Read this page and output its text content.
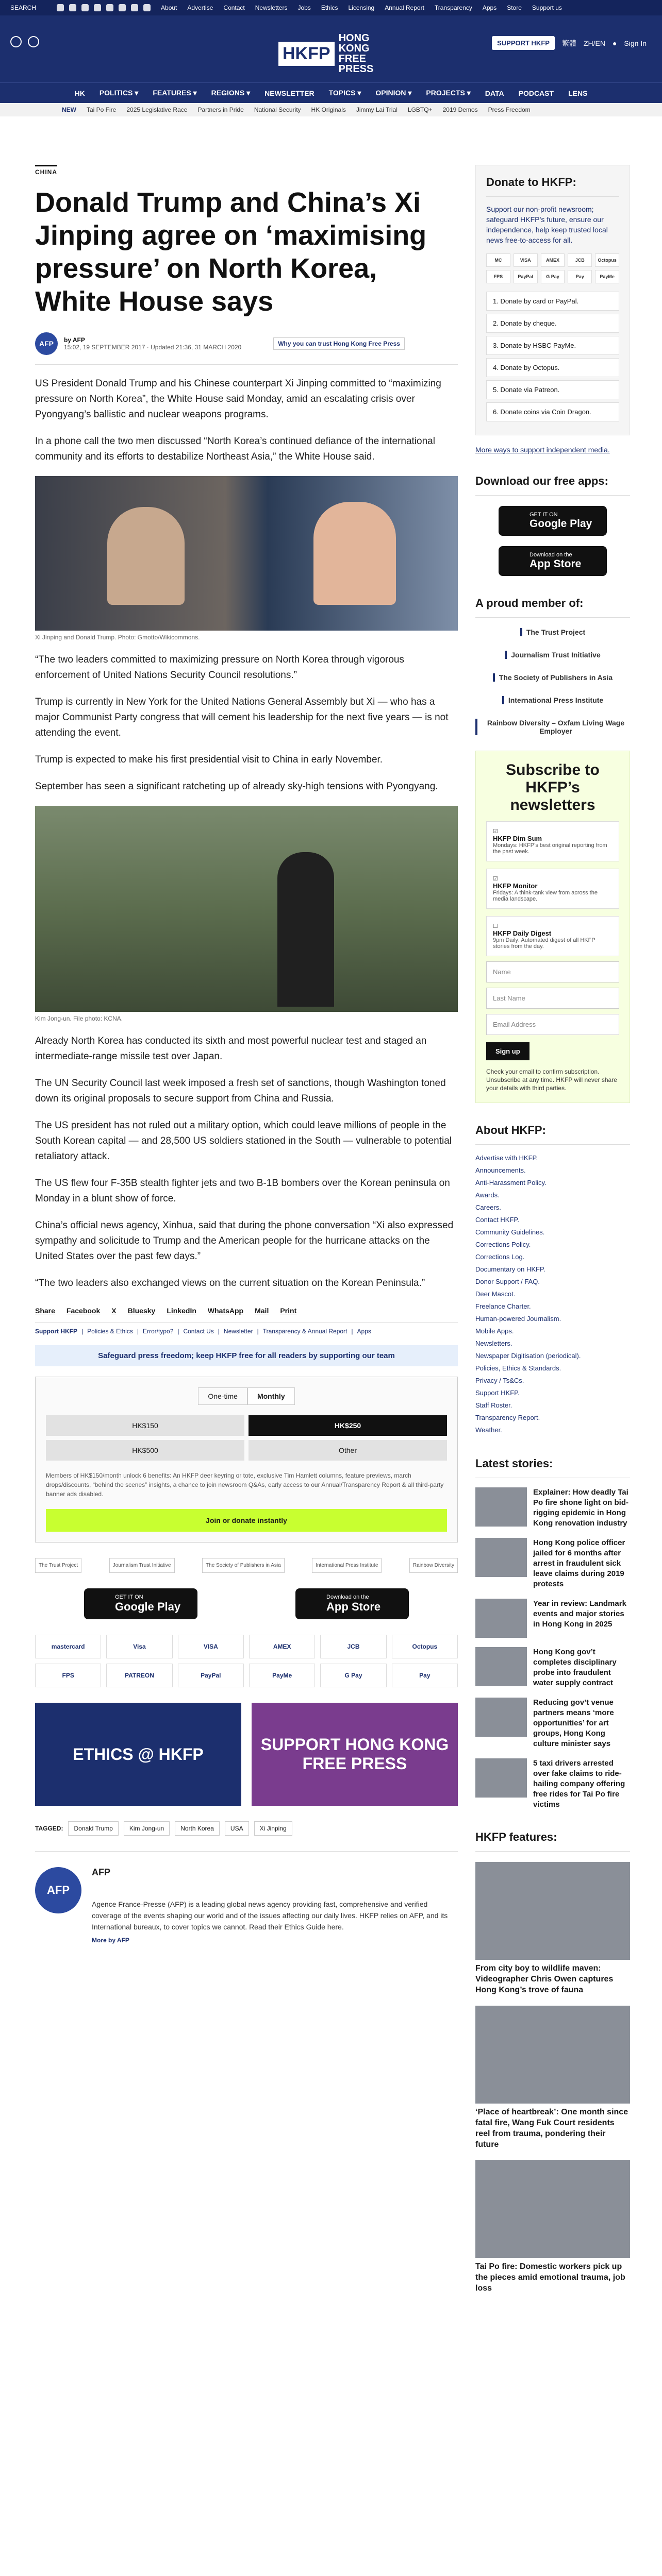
SEARCH	About Advertise Contact Newsletters Jobs Ethics Licensing Annual Report Transparency Apps Store Support us
HKFP
HONG KONG FREE PRESS
SUPPORT HKFP	繁體 ZH/EN ● Sign In
HK POLITICS ▾ FEATURES ▾ REGIONS ▾ NEWSLETTER TOPICS ▾ OPINION ▾ PROJECTS ▾ DATA PODCAST LENS
NEW Tai Po Fire 2025 Legislative Race Partners in Pride National Security HK Originals Jimmy Lai Trial LGBTQ+ 2019 Demos Press Freedom
CHINA
Donald Trump and China’s Xi Jinping agree on ‘maximising pressure’ on North Korea, White House says
AFP	by AFP
15:02, 19 SEPTEMBER 2017 · Updated 21:36, 31 MARCH 2020	Why you can trust Hong Kong Free Press

US President Donald Trump and his Chinese counterpart Xi Jinping committed to “maximizing pressure on North Korea”, the White House said Monday, amid an escalating crisis over Pyongyang’s ballistic and nuclear weapons programs.

In a phone call the two men discussed “North Korea’s continued defiance of the international community and its efforts to destabilize Northeast Asia,” the White House said.

Xi Jinping and Donald Trump. Photo: Gmotto/Wikicommons.

“The two leaders committed to maximizing pressure on North Korea through vigorous enforcement of United Nations Security Council resolutions.”

Trump is currently in New York for the United Nations General Assembly but Xi — who has a major Communist Party congress that will cement his leadership for the next five years — is not attending the event.

Trump is expected to make his first presidential visit to China in early November.

September has seen a significant ratcheting up of already sky-high tensions with Pyongyang.

Kim Jong-un. File photo: KCNA.

Already North Korea has conducted its sixth and most powerful nuclear test and staged an intermediate-range missile test over Japan.

The UN Security Council last week imposed a fresh set of sanctions, though Washington toned down its original proposals to secure support from China and Russia.

The US president has not ruled out a military option, which could leave millions of people in the South Korean capital — and 28,500 US soldiers stationed in the South — vulnerable to potential retaliatory attack.

The US flew four F-35B stealth fighter jets and two B-1B bombers over the Korean peninsula on Monday in a blunt show of force.

China’s official news agency, Xinhua, said that during the phone conversation “Xi also expressed sympathy and solicitude to Trump and the American people for the hurricane attacks on the United States over the past few days.”

“The two leaders also exchanged views on the current situation on the Korean Peninsula.”

Share Facebook X Bluesky LinkedIn WhatsApp Mail Print
Support HKFP | Policies & Ethics | Error/typo? | Contact Us | Newsletter | Transparency & Annual Report | Apps
Safeguard press freedom; keep HKFP free for all readers by supporting our team
One-time	Monthly
HK$150	HK$250
HK$500	Other
Members of HK$150/month unlock 6 benefits: An HKFP deer keyring or tote, exclusive Tim Hamlett columns, feature previews, march drops/discounts, “behind the scenes” insights, a chance to join newsroom Q&As, early access to our Annual/Transparency Report & all third-party banner ads disabled.
Join or donate instantly
The Trust Project	Journalism Trust Initiative	The Society of Publishers in Asia	International Press Institute	Rainbow Diversity
GET IT ON
Google Play
Download on the
App Store
mastercard	Visa	VISA	AMEX	JCB	Octopus
FPS	PATREON	PayPal	PayMe	G Pay	Pay
ETHICS @ HKFP
SUPPORT HONG KONG FREE PRESS
TAGGED:	Donald Trump	Kim Jong-un	North Korea	USA	Xi Jinping
AFP
AFP
Agence France-Presse (AFP) is a leading global news agency providing fast, comprehensive and verified coverage of the events shaping our world and of the issues affecting our daily lives. HKFP relies on AFP, and its International bureaux, to cover topics we cannot. Read their Ethics Guide here.
More by AFP
Donate to HKFP:
Support our non-profit newsroom; safeguard HKFP’s future, ensure our independence, help keep trusted local news free-to-access for all.
MC	VISA	AMEX	JCB	Octopus
FPS	PayPal	G Pay	Pay	PayMe
1. Donate by card or PayPal.
2. Donate by cheque.
3. Donate by HSBC PayMe.
4. Donate by Octopus.
5. Donate via Patreon.
6. Donate coins via Coin Dragon.
More ways to support independent media.
Download our free apps:
GET IT ON
Google Play
Download on the
App Store
A proud member of:
The Trust Project
Journalism Trust Initiative
The Society of Publishers in Asia
International Press Institute
Rainbow Diversity – Oxfam Living Wage Employer
Subscribe to HKFP’s newsletters
☑
HKFP Dim Sum
Mondays: HKFP’s best original reporting from the past week.
☑
HKFP Monitor
Fridays: A think-tank view from across the media landscape.
☐
HKFP Daily Digest
9pm Daily: Automated digest of all HKFP stories from the day.
Name
Last Name
Email Address
Sign up
Check your email to confirm subscription. Unsubscribe at any time. HKFP will never share your details with third parties.
About HKFP:
Advertise with HKFP.
Announcements.
Anti-Harassment Policy.
Awards.
Careers.
Contact HKFP.
Community Guidelines.
Corrections Policy.
Corrections Log.
Documentary on HKFP.
Donor Support / FAQ.
Deer Mascot.
Freelance Charter.
Human-powered Journalism.
Mobile Apps.
Newsletters.
Newspaper Digitisation (periodical).
Policies, Ethics & Standards.
Privacy / Ts&Cs.
Support HKFP.
Staff Roster.
Transparency Report.
Weather.
Latest stories:
Explainer: How deadly Tai Po fire shone light on bid-rigging epidemic in Hong Kong renovation industry
Hong Kong police officer jailed for 6 months after arrest in fraudulent sick leave claims during 2019 protests
Year in review: Landmark events and major stories in Hong Kong in 2025
Hong Kong gov’t completes disciplinary probe into fraudulent water supply contract
Reducing gov’t venue partners means ‘more opportunities’ for art groups, Hong Kong culture minister says
5 taxi drivers arrested over fake claims to ride-hailing company offering free rides for Tai Po fire victims
HKFP features:
From city boy to wildlife maven: Videographer Chris Owen captures Hong Kong’s trove of fauna
‘Place of heartbreak’: One month since fatal fire, Wang Fuk Court residents reel from trauma, pondering their future
Tai Po fire: Domestic workers pick up the pieces amid emotional trauma, job loss
